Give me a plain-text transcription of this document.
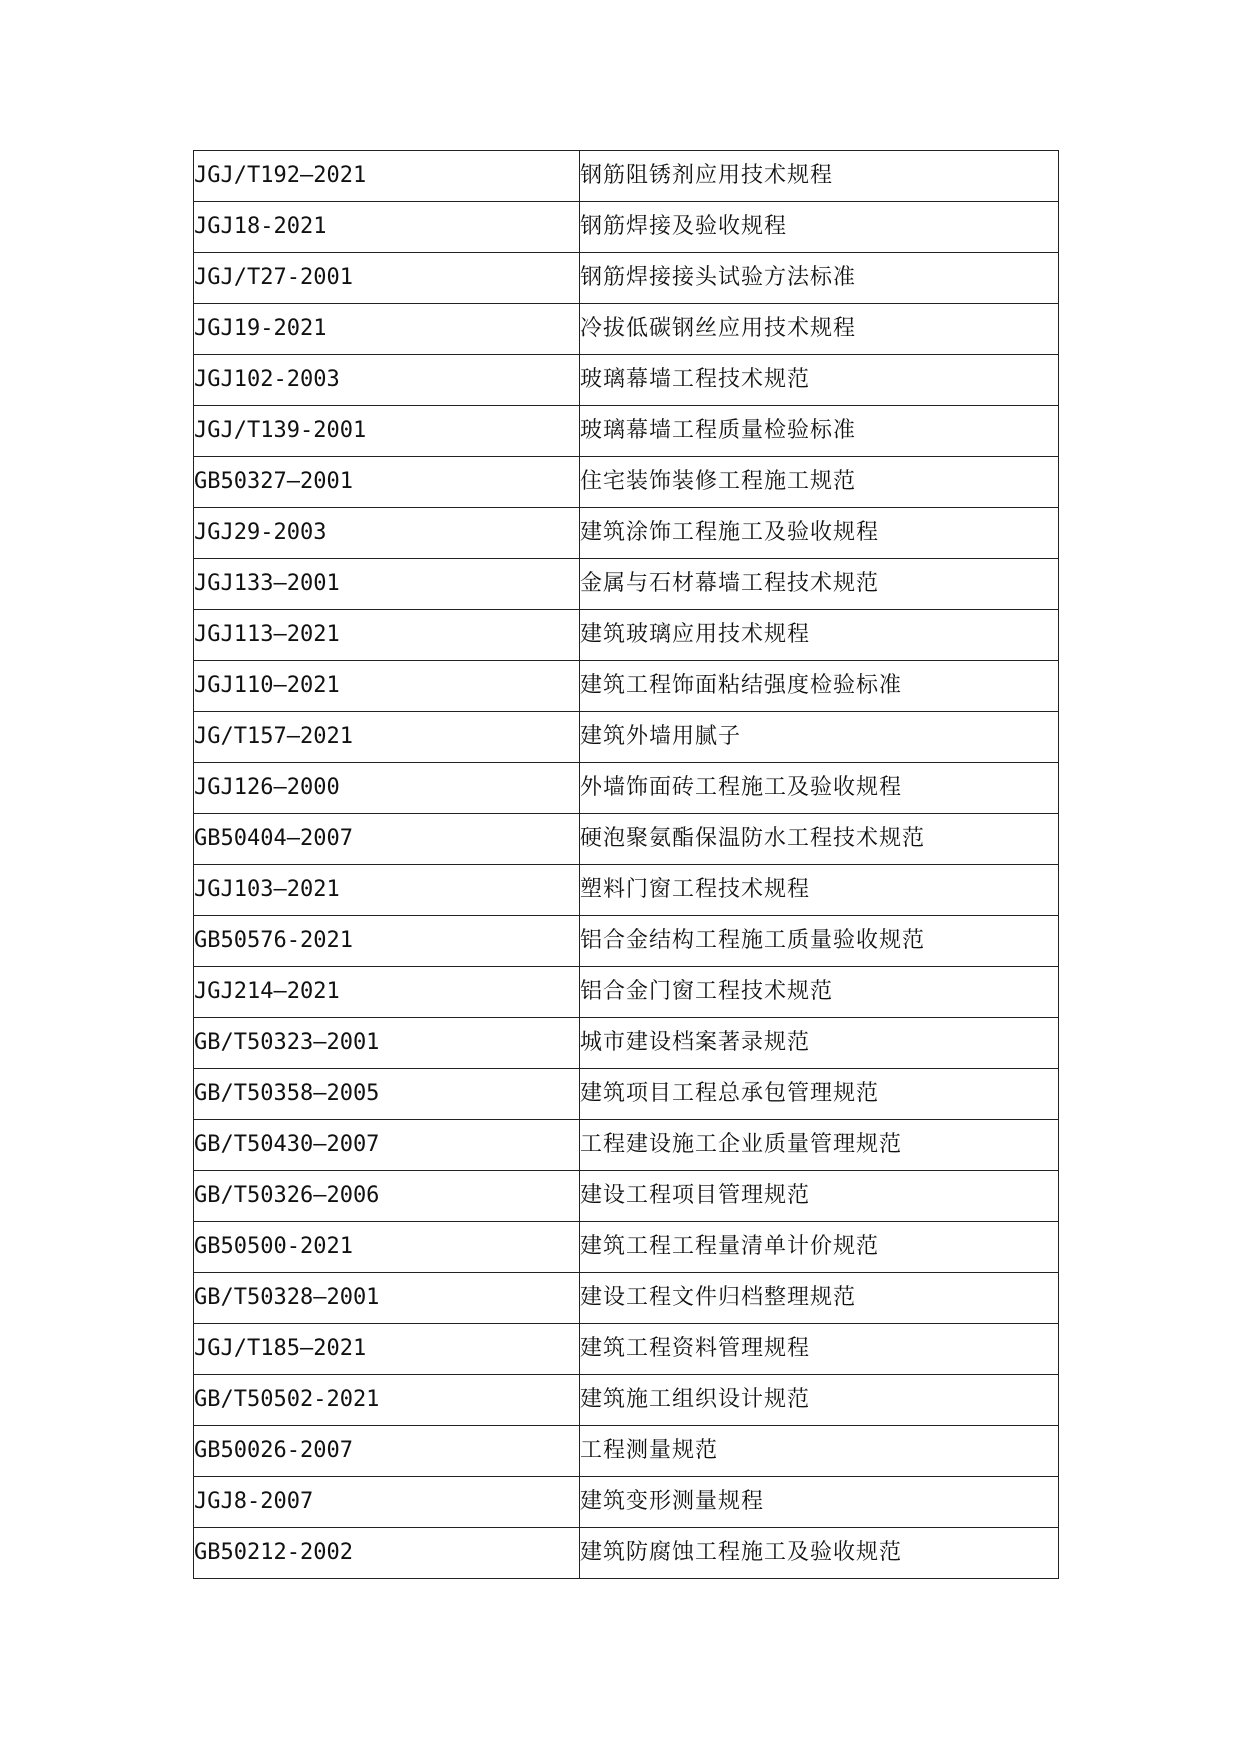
JGJ/T192—2021	钢筋阻锈剂应用技术规程
JGJ18-2021	钢筋焊接及验收规程
JGJ/T27-2001	钢筋焊接接头试验方法标准
JGJ19-2021	冷拔低碳钢丝应用技术规程
JGJ102-2003	玻璃幕墙工程技术规范
JGJ/T139-2001	玻璃幕墙工程质量检验标准
GB50327—2001	住宅装饰装修工程施工规范
JGJ29-2003	建筑涂饰工程施工及验收规程
JGJ133—2001	金属与石材幕墙工程技术规范
JGJ113—2021	建筑玻璃应用技术规程
JGJ110—2021	建筑工程饰面粘结强度检验标准
JG/T157—2021	建筑外墙用腻子
JGJ126—2000	外墙饰面砖工程施工及验收规程
GB50404—2007	硬泡聚氨酯保温防水工程技术规范
JGJ103—2021	塑料门窗工程技术规程
GB50576-2021	铝合金结构工程施工质量验收规范
JGJ214—2021	铝合金门窗工程技术规范
GB/T50323—2001	城市建设档案著录规范
GB/T50358—2005	建筑项目工程总承包管理规范
GB/T50430—2007	工程建设施工企业质量管理规范
GB/T50326—2006	建设工程项目管理规范
GB50500-2021	建筑工程工程量清单计价规范
GB/T50328—2001	建设工程文件归档整理规范
JGJ/T185—2021	建筑工程资料管理规程
GB/T50502-2021	建筑施工组织设计规范
GB50026-2007	工程测量规范
JGJ8-2007	建筑变形测量规程
GB50212-2002	建筑防腐蚀工程施工及验收规范
